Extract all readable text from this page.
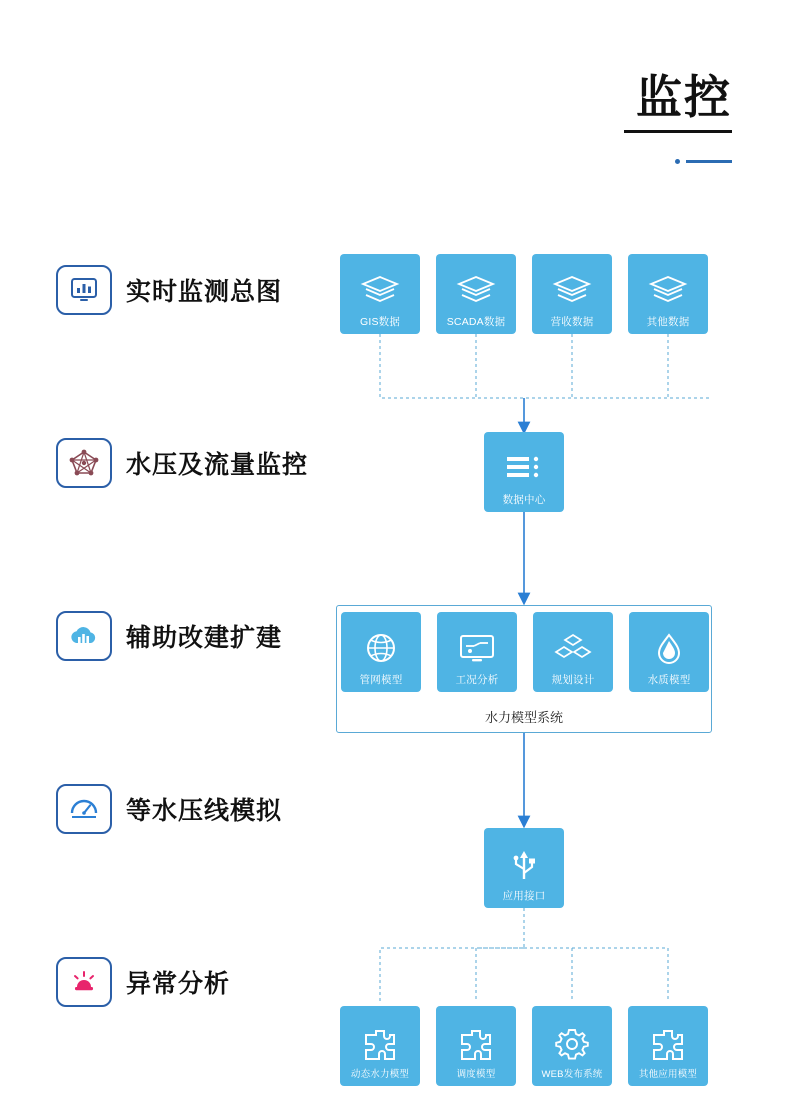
监控
实时监测总图
水压及流量监控
辅助改建扩建
等水压线模拟
异常分析
GIS数据	SCADA数据	营收数据	其他数据
数据中心
管网模型	工况分析	规划设计	水质模型
水力模型系统
应用接口
动态水力模型	调度模型	WEB发布系统	其他应用模型
